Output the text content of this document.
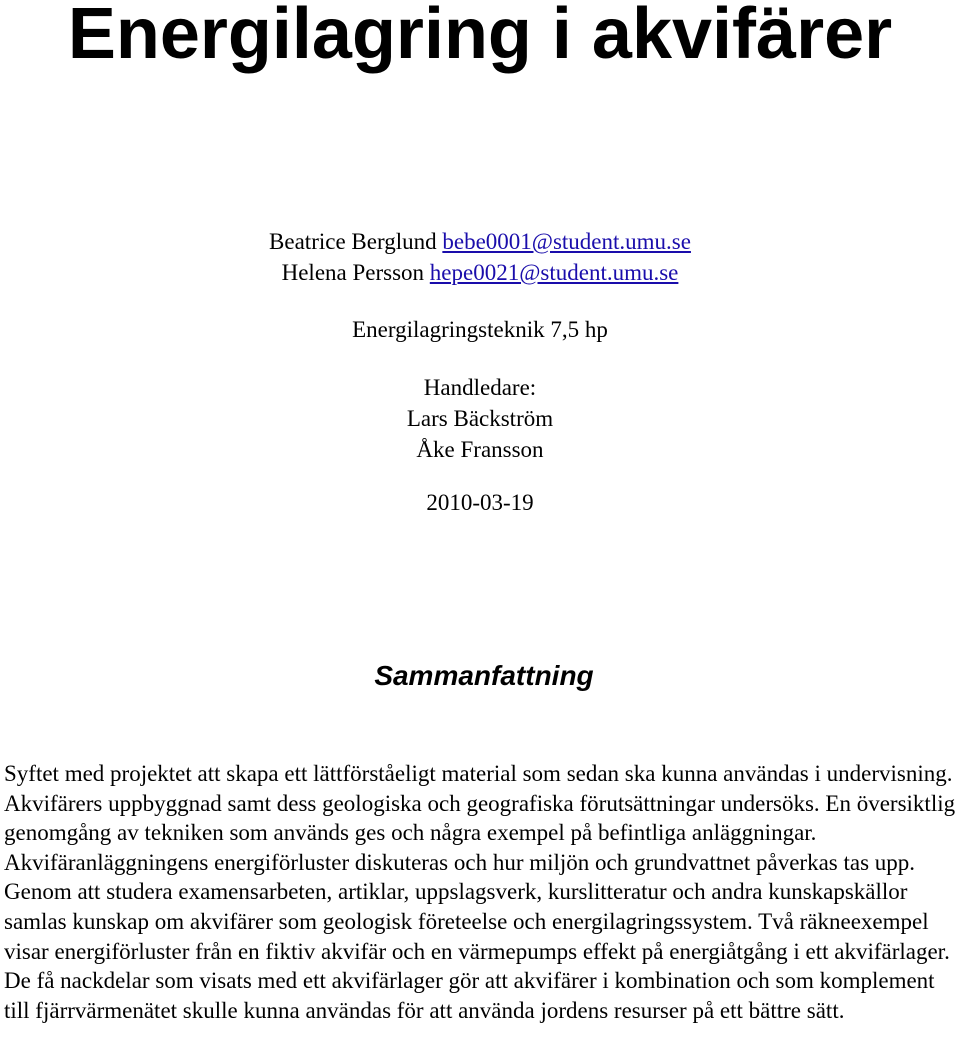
Energilagring i akvifärer
Beatrice Berglund bebe0001@student.umu.se
Helena Persson hepe0021@student.umu.se
Energilagringsteknik 7,5 hp
Handledare:
Lars Bäckström
Åke Fransson
2010-03-19
Sammanfattning

Syftet med projektet att skapa ett lättförståeligt material som sedan ska kunna användas i undervisning. Akvifärers uppbyggnad samt dess geologiska och geografiska förutsättningar undersöks. En översiktlig genomgång av tekniken som används ges och några exempel på befintliga anläggningar. Akvifäranläggningens energiförluster diskuteras och hur miljön och grundvattnet påverkas tas upp. Genom att studera examensarbeten, artiklar, uppslagsverk, kurslitteratur och andra kunskapskällor samlas kunskap om akvifärer som geologisk företeelse och energilagringssystem. Två räkneexempel visar energiförluster från en fiktiv akvifär och en värmepumps effekt på energiåtgång i ett akvifärlager. De få nackdelar som visats med ett akvifärlager gör att akvifärer i kombination och som komplement till fjärrvärmenätet skulle kunna användas för att använda jordens resurser på ett bättre sätt.
